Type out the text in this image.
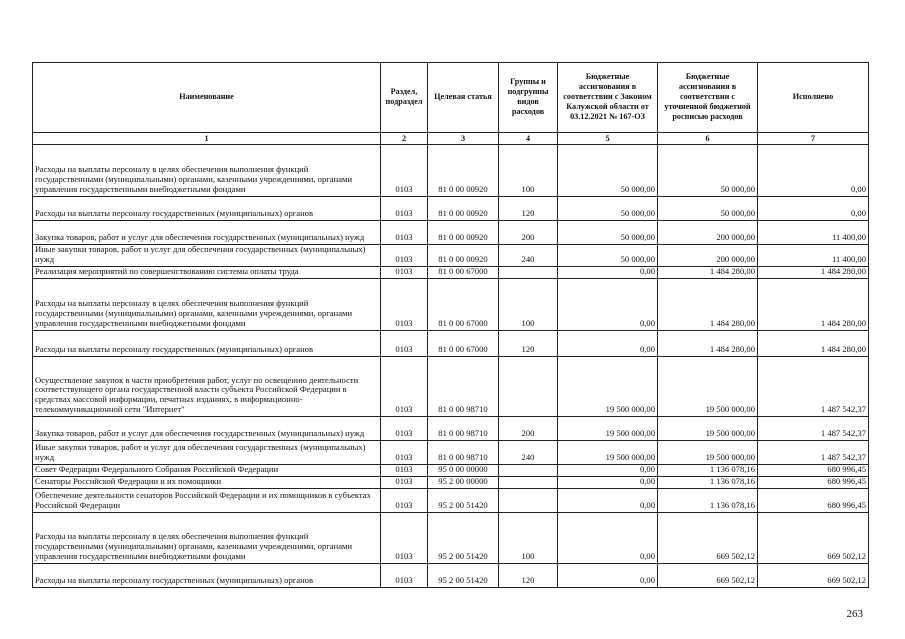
Наименование	Раздел, подраздел	Целевая статья	Группы и подгруппы видов расходов	Бюджетные ассигнования в соответствии с Законом Калужской области от 03.12.2021 № 167-ОЗ	Бюджетные ассигнования в соответствии с уточненной бюджетной росписью расходов	Исполнено
1	2	3	4	5	6	7
Расходы на выплаты персоналу в целях обеспечения выполнения функций государственными (муниципальными) органами, казенными учреждениями, органами управления государственными внебюджетными фондами	0103	81 0 00 00920	100	50 000,00	50 000,00	0,00
Расходы на выплаты персоналу государственных (муниципальных) органов	0103	81 0 00 00920	120	50 000,00	50 000,00	0,00
Закупка товаров, работ и услуг для обеспечения государственных (муниципальных) нужд	0103	81 0 00 00920	200	50 000,00	200 000,00	11 400,00
Иные закупки товаров, работ и услуг для обеспечения государственных (муниципальных) нужд	0103	81 0 00 00920	240	50 000,00	200 000,00	11 400,00
Реализация мероприятий по совершенствованию системы оплаты труда	0103	81 0 00 67000		0,00	1 484 280,00	1 484 280,00
Расходы на выплаты персоналу в целях обеспечения выполнения функций государственными (муниципальными) органами, казенными учреждениями, органами управления государственными внебюджетными фондами	0103	81 0 00 67000	100	0,00	1 484 280,00	1 484 280,00
Расходы на выплаты персоналу государственных (муниципальных) органов	0103	81 0 00 67000	120	0,00	1 484 280,00	1 484 280,00
Осуществление закупок в части приобретения работ, услуг по освещению деятельности соответствующего органа государственной власти субъекта Российской Федерации в средствах массовой информации, печатных изданиях, в информационно-телекоммуникационной сети "Интернет"	0103	81 0 00 98710		19 500 000,00	19 500 000,00	1 487 542,37
Закупка товаров, работ и услуг для обеспечения государственных (муниципальных) нужд	0103	81 0 00 98710	200	19 500 000,00	19 500 000,00	1 487 542,37
Иные закупки товаров, работ и услуг для обеспечения государственных (муниципальных) нужд	0103	81 0 00 98710	240	19 500 000,00	19 500 000,00	1 487 542,37
Совет Федерации Федерального Собрания Российской Федерации	0103	95 0 00 00000		0,00	1 136 078,16	680 996,45
Сенаторы Российской Федерации и их помощники	0103	95 2 00 00000		0,00	1 136 078,16	680 996,45
Обеспечение деятельности сенаторов Российской Федерации и их помощников в субъектах Российской Федерации	0103	95 2 00 51420		0,00	1 136 078,16	680 996,45
Расходы на выплаты персоналу в целях обеспечения выполнения функций государственными (муниципальными) органами, казенными учреждениями, органами управления государственными внебюджетными фондами	0103	95 2 00 51420	100	0,00	669 502,12	669 502,12
Расходы на выплаты персоналу государственных (муниципальных) органов	0103	95 2 00 51420	120	0,00	669 502,12	669 502,12
263
